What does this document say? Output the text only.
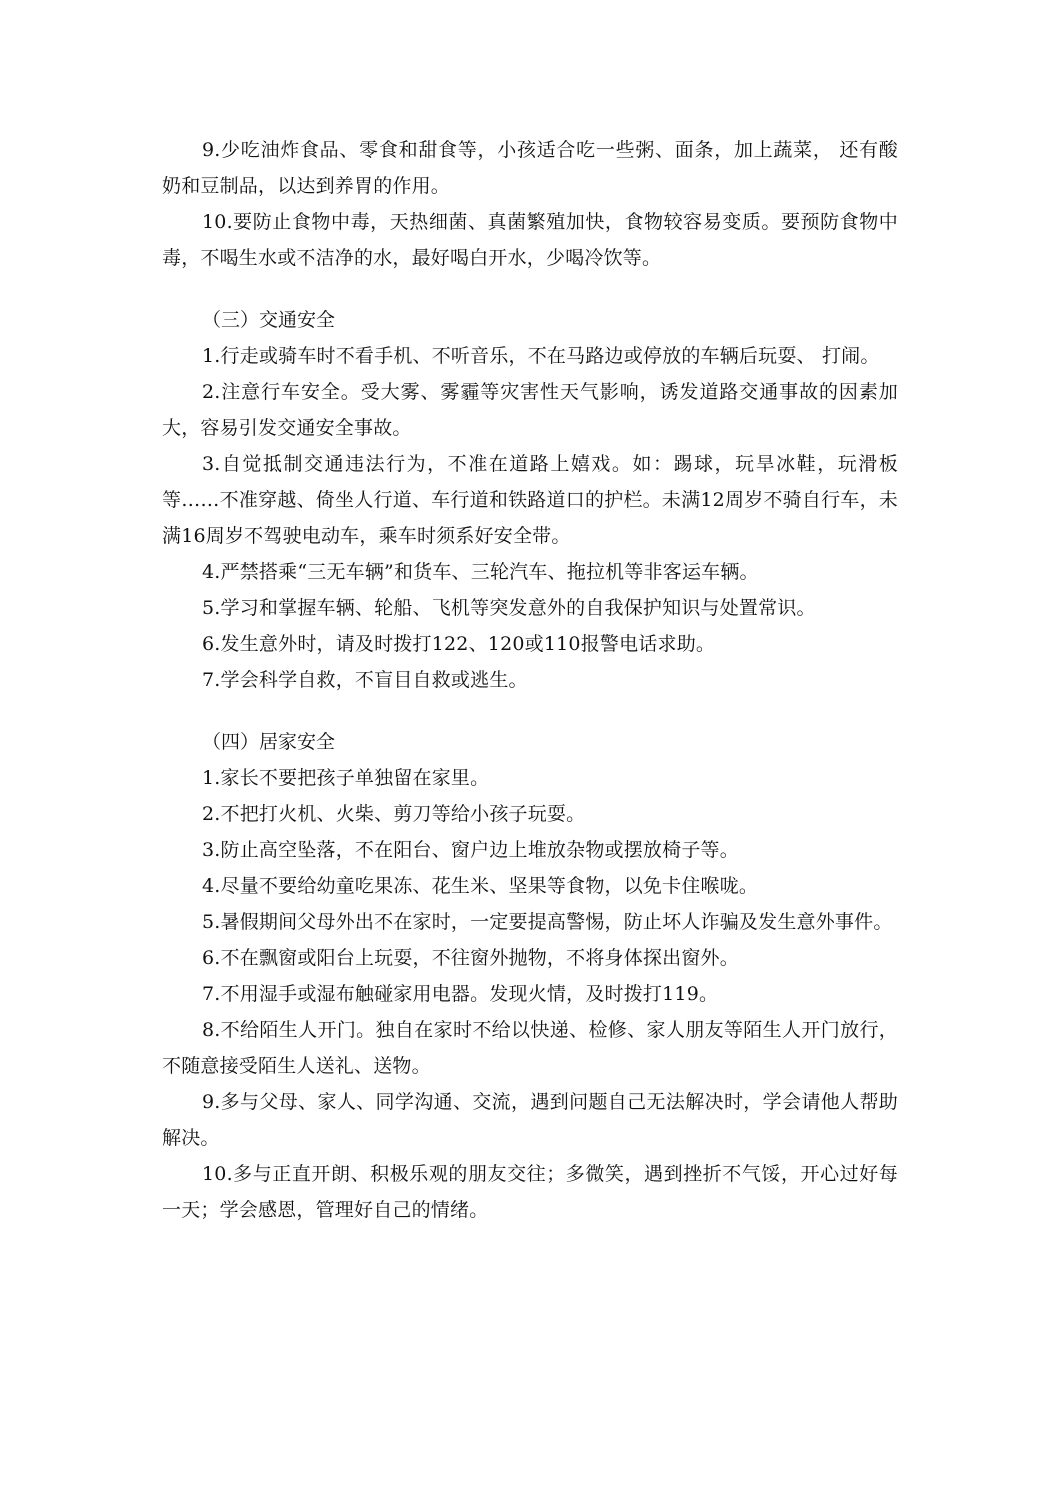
9.少吃油炸食品、零食和甜食等，小孩适合吃一些粥、面条，加上蔬菜， 还有酸奶和豆制品，以达到养胃的作用。

10.要防止食物中毒，天热细菌、真菌繁殖加快，食物较容易变质。要预防食物中毒，不喝生水或不洁净的水，最好喝白开水，少喝冷饮等。

（三）交通安全

1.行走或骑车时不看手机、不听音乐，不在马路边或停放的车辆后玩耍、 打闹。

2.注意行车安全。受大雾、雾霾等灾害性天气影响，诱发道路交通事故的因素加大，容易引发交通安全事故。

3.自觉抵制交通违法行为，不准在道路上嬉戏。如：踢球，玩旱冰鞋，玩滑板等……不准穿越、倚坐人行道、车行道和铁路道口的护栏。未满12周岁不骑自行车，未满16周岁不驾驶电动车，乘车时须系好安全带。

4.严禁搭乘“三无车辆”和货车、三轮汽车、拖拉机等非客运车辆。

5.学习和掌握车辆、轮船、飞机等突发意外的自我保护知识与处置常识。

6.发生意外时，请及时拨打122、120或110报警电话求助。

7.学会科学自救，不盲目自救或逃生。

（四）居家安全

1.家长不要把孩子单独留在家里。

2.不把打火机、火柴、剪刀等给小孩子玩耍。

3.防止高空坠落，不在阳台、窗户边上堆放杂物或摆放椅子等。

4.尽量不要给幼童吃果冻、花生米、坚果等食物，以免卡住喉咙。

5.暑假期间父母外出不在家时，一定要提高警惕，防止坏人诈骗及发生意外事件。

6.不在飘窗或阳台上玩耍，不往窗外抛物，不将身体探出窗外。

7.不用湿手或湿布触碰家用电器。发现火情，及时拨打119。

8.不给陌生人开门。独自在家时不给以快递、检修、家人朋友等陌生人开门放行，不随意接受陌生人送礼、送物。

9.多与父母、家人、同学沟通、交流，遇到问题自己无法解决时，学会请他人帮助解决。

10.多与正直开朗、积极乐观的朋友交往；多微笑，遇到挫折不气馁，开心过好每一天；学会感恩，管理好自己的情绪。
